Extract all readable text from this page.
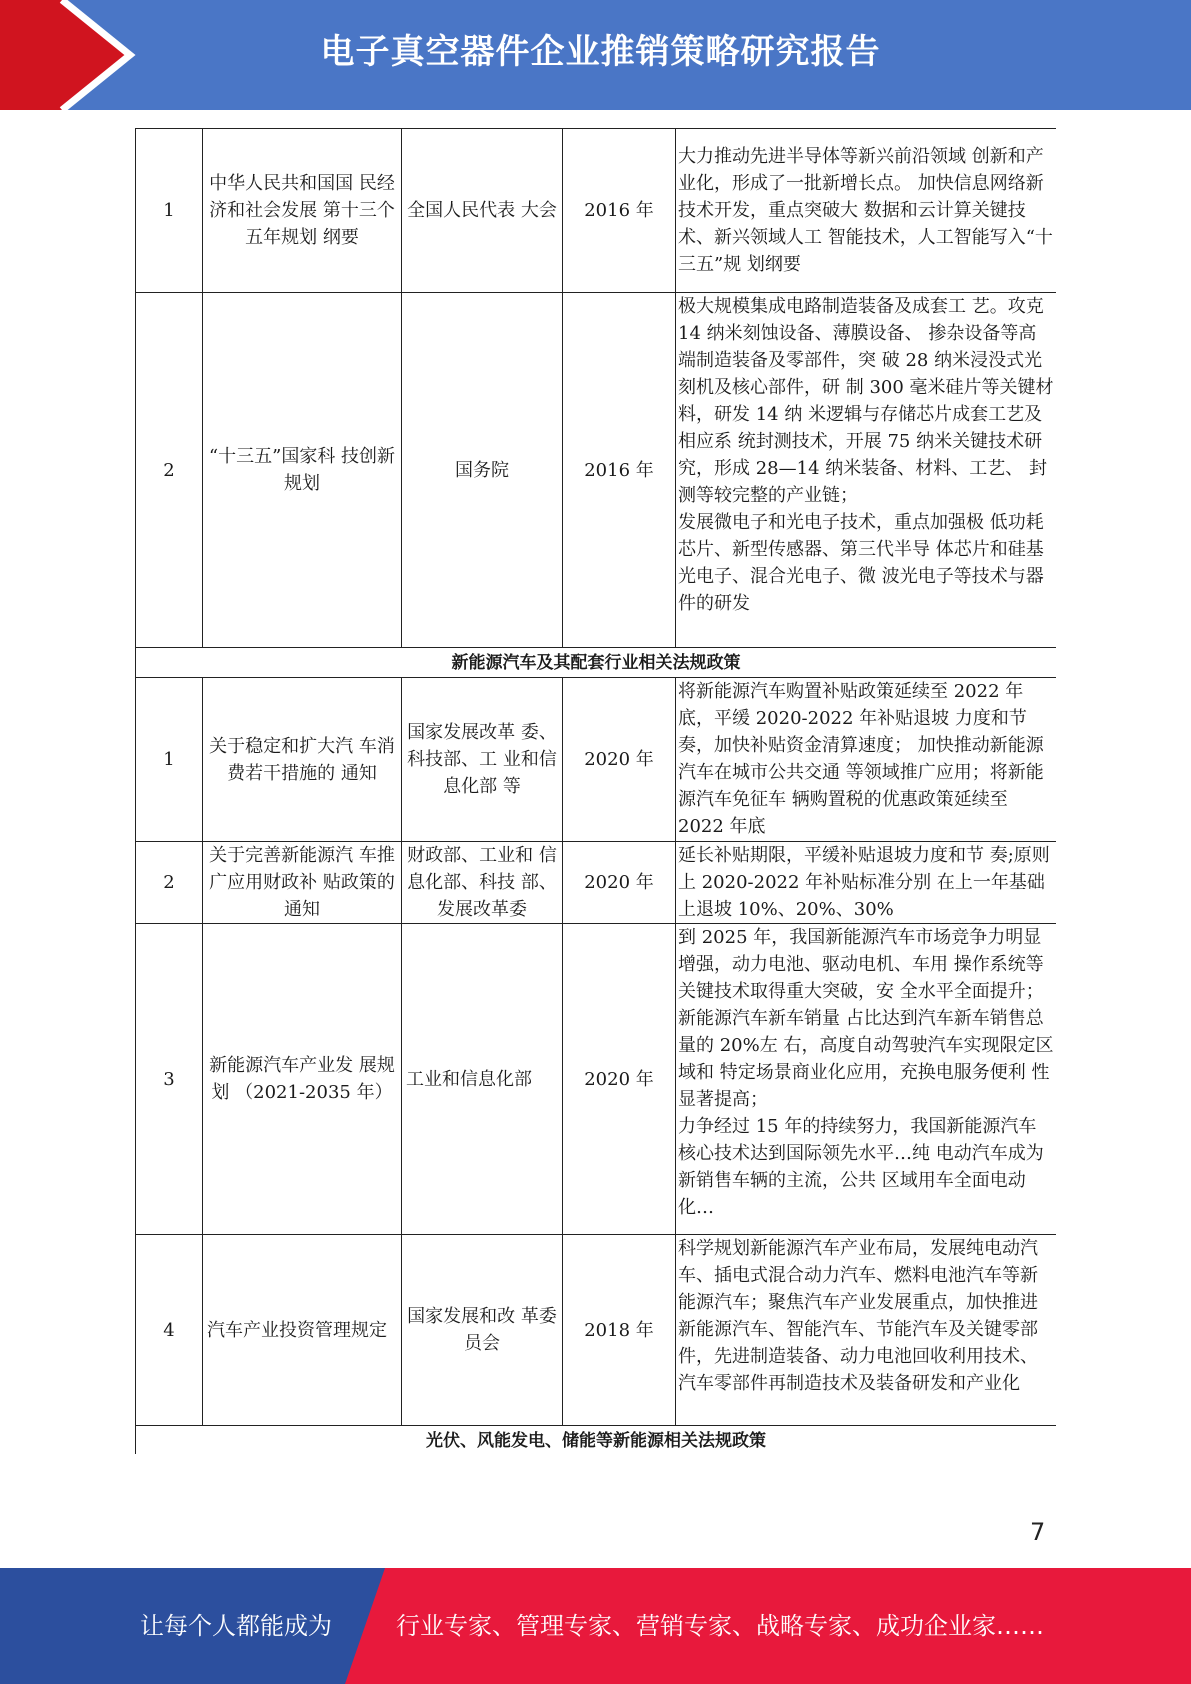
电子真空器件企业推销策略研究报告
1	中华人民共和国国 民经济和社会发展 第十三个五年规划 纲要	全国人民代表 大会	2016 年	大力推动先进半导体等新兴前沿领域 创新和产业化，形成了一批新增长点。 加快信息网络新技术开发，重点突破大 数据和云计算关键技术、新兴领域人工 智能技术，人工智能写入“十三五”规 划纲要

2	“十三五”国家科 技创新规划	国务院	2016 年	极大规模集成电路制造装备及成套工 艺。攻克 14 纳米刻蚀设备、薄膜设备、 掺杂设备等高端制造装备及零部件，突 破 28 纳米浸没式光刻机及核心部件，研 制 300 毫米硅片等关键材料，研发 14 纳 米逻辑与存储芯片成套工艺及相应系 统封测技术，开展 75 纳米关键技术研 究，形成 28—14 纳米装备、材料、工艺、 封测等较完整的产业链；
发展微电子和光电子技术，重点加强极 低功耗芯片、新型传感器、第三代半导 体芯片和硅基光电子、混合光电子、微 波光电子等技术与器件的研发

新能源汽车及其配套行业相关法规政策				
1	关于稳定和扩大汽 车消费若干措施的 通知	国家发展改革 委、科技部、工 业和信息化部 等	2020 年	将新能源汽车购置补贴政策延续至 2022 年底，平缓 2020-2022 年补贴退坡 力度和节奏，加快补贴资金清算速度； 加快推动新能源汽车在城市公共交通 等领域推广应用；将新能源汽车免征车 辆购置税的优惠政策延续至 2022 年底

2	关于完善新能源汽 车推广应用财政补 贴政策的通知	财政部、工业和 信息化部、科技 部、发展改革委	2020 年	延长补贴期限，平缓补贴退坡力度和节 奏;原则上 2020-2022 年补贴标准分别 在上一年基础上退坡 10%、20%、30%

3	新能源汽车产业发 展规划 （2021-2035 年）	工业和信息化部	2020 年	到 2025 年，我国新能源汽车市场竞争力明显增强，动力电池、驱动电机、车用 操作系统等关键技术取得重大突破，安 全水平全面提升；新能源汽车新车销量 占比达到汽车新车销售总量的 20%左 右，高度自动驾驶汽车实现限定区域和 特定场景商业化应用，充换电服务便利 性显著提高；
力争经过 15 年的持续努力，我国新能源汽车核心技术达到国际领先水平…纯 电动汽车成为新销售车辆的主流，公共 区域用车全面电动化…

4	汽车产业投资管理规定	国家发展和改 革委员会	2018 年	科学规划新能源汽车产业布局，发展纯电动汽车、插电式混合动力汽车、燃料电池汽车等新能源汽车；聚焦汽车产业发展重点，加快推进新能源汽车、智能汽车、节能汽车及关键零部件，先进制造装备、动力电池回收利用技术、汽车零部件再制造技术及装备研发和产业化

光伏、风能发电、储能等新能源相关法规政策				
7
让每个人都能成为	行业专家、管理专家、营销专家、战略专家、成功企业家……
